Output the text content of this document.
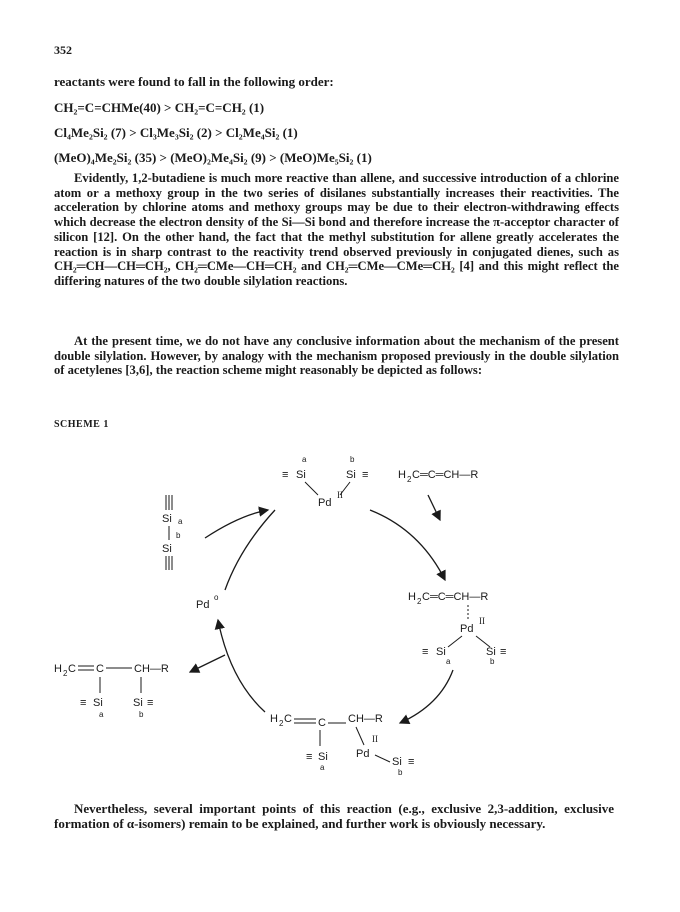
352
reactants were found to fall in the following order:
CH₂=C=CHMe(40) > CH₂=C=CH₂ (1)
Cl₄Me₂Si₂ (7) > Cl₃Me₃Si₂ (2) > Cl₂Me₄Si₂ (1)
(MeO)₄Me₂Si₂ (35) > (MeO)₂Me₄Si₂ (9) > (MeO)Me₅Si₂ (1)

Evidently, 1,2-butadiene is much more reactive than allene, and successive introduction of a chlorine atom or a methoxy group in the two series of disilanes substantially increases their reactivities. The acceleration by chlorine atoms and methoxy groups may be due to their electron-withdrawing effects which decrease the electron density of the Si—Si bond and therefore increase the π-acceptor character of silicon [12]. On the other hand, the fact that the methyl substitution for allene greatly accelerates the reaction is in sharp contrast to the reactivity trend observed previously in conjugated dienes, such as CH₂═CH—CH═CH₂, CH₂═CMe—CH═CH₂ and CH₂═CMe—CMe═CH₂ [4] and this might reflect the differing natures of the two double silylation reactions.

At the present time, we do not have any conclusive information about the mechanism of the present double silylation. However, by analogy with the mechanism proposed previously in the double silylation of acetylenes [3,6], the reaction scheme might reasonably be depicted as follows:

SCHEME 1
a
≡ Si
b
Si ≡
Pd
II
H 2 C═C═CH—R
Si a
b
Si
Pd
o	H 2 C═C═CH—R
Pd
II
≡ Si
a
Si ≡
b
H 2 C C CH—R
≡ Si
a
II
Pd
Si ≡
b
H 2 C C	CH—R
≡ Si
a
Si ≡
b

Nevertheless, several important points of this reaction (e.g., exclusive 2,3-addition, exclusive formation of α-isomers) remain to be explained, and further work is obviously necessary.
